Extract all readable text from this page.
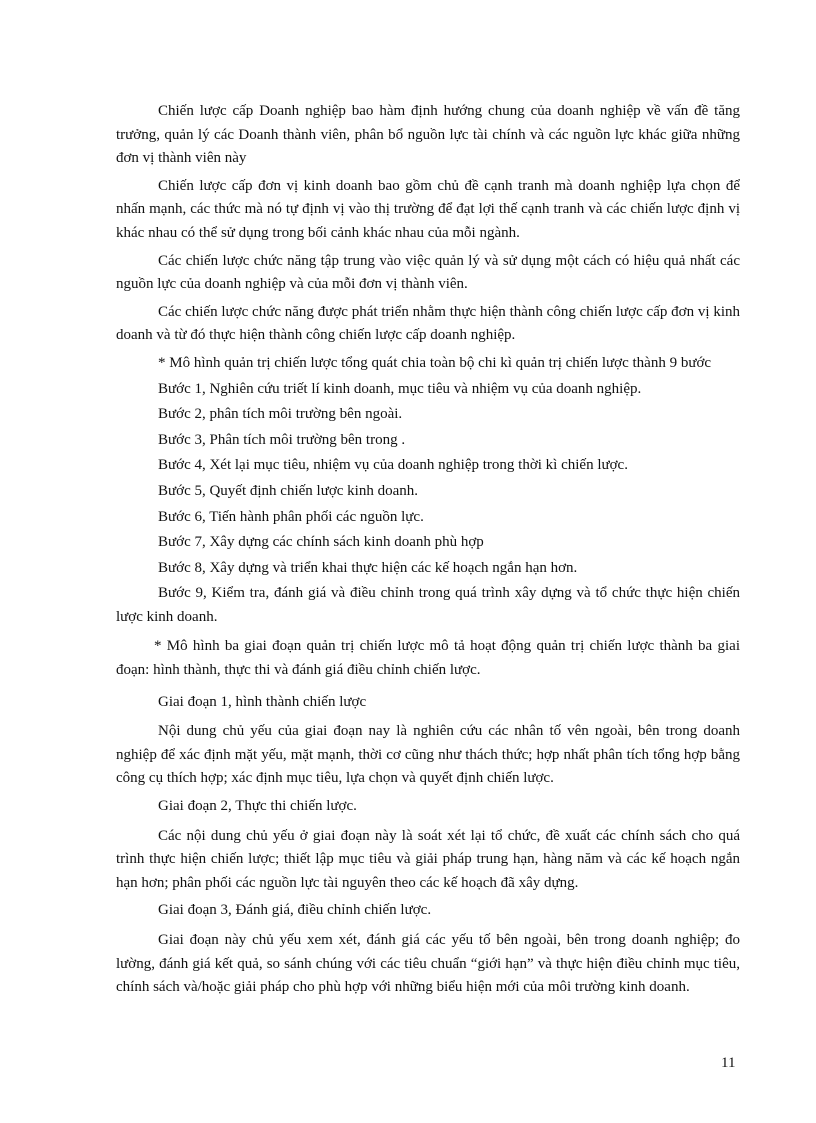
Chiến lược cấp Doanh nghiệp bao hàm định hướng chung của doanh nghiệp về vấn đề tăng trưởng, quản lý các Doanh thành viên, phân bổ nguồn lực tài chính và các nguồn lực khác giữa những đơn vị thành viên này

Chiến lược cấp đơn vị kinh doanh bao gồm chủ đề cạnh tranh mà doanh nghiệp lựa chọn để nhấn mạnh, các thức mà nó tự định vị vào thị trường để đạt lợi thế cạnh tranh và các chiến lược định vị khác nhau có thể sử dụng trong bối cảnh khác nhau của mỗi ngành.

Các chiến lược chức năng tập trung vào việc quản lý và sử dụng một cách có hiệu quả nhất các nguồn lực của doanh nghiệp và của mỗi đơn vị thành viên.

Các chiến lược chức năng được phát triển nhằm thực hiện thành công chiến lược cấp đơn vị kinh doanh và từ đó thực hiện thành công chiến lược cấp doanh nghiệp.

* Mô hình quản trị chiến lược tổng quát chia toàn bộ chi kì quản trị chiến lược thành 9 bước

Bước 1, Nghiên cứu triết lí kinh doanh, mục tiêu và nhiệm vụ của doanh nghiệp.

Bước 2, phân tích môi trường bên ngoài.

Bước 3, Phân tích môi trường bên trong .

Bước 4, Xét lại mục tiêu, nhiệm vụ của doanh nghiệp trong thời kì chiến lược.

Bước 5, Quyết định chiến lược kinh doanh.

Bước 6, Tiến hành phân phối các nguồn lực.

Bước 7, Xây dựng các chính sách kinh doanh phù hợp

Bước 8, Xây dựng và triển khai thực hiện các kế hoạch ngắn hạn hơn.

Bước 9, Kiểm tra, đánh giá và điều chỉnh trong quá trình xây dựng và tổ chức thực hiện chiến lược kinh doanh.

* Mô hình ba giai đoạn quản trị chiến lược mô tả hoạt động quản trị chiến lược thành ba giai đoạn: hình thành, thực thi và đánh giá điều chỉnh chiến lược.

Giai đoạn 1, hình thành chiến lược

Nội dung chủ yếu của giai đoạn nay là nghiên cứu các nhân tố vên ngoài, bên trong doanh nghiệp để xác định mặt yếu, mặt mạnh, thời cơ cũng như thách thức; hợp nhất phân tích tổng hợp bằng công cụ thích hợp; xác định mục tiêu, lựa chọn và quyết định chiến lược.

Giai đoạn 2, Thực thi chiến lược.

Các nội dung chủ yếu ở giai đoạn này là soát xét lại tổ chức, đề xuất các chính sách cho quá trình thực hiện chiến lược; thiết lập mục tiêu và giải pháp trung hạn, hàng năm và các kế hoạch ngắn hạn hơn; phân phối các nguồn lực tài nguyên theo các kế hoạch đã xây dựng.

Giai đoạn 3, Đánh giá, điều chỉnh chiến lược.

Giai đoạn này chủ yếu xem xét, đánh giá các yếu tố bên ngoài, bên trong doanh nghiệp; đo lường, đánh giá kết quả, so sánh chúng với các tiêu chuẩn “giới hạn” và thực hiện điều chỉnh mục tiêu, chính sách và/hoặc giải pháp cho phù hợp với những biểu hiện mới của môi trường kinh doanh.

11
